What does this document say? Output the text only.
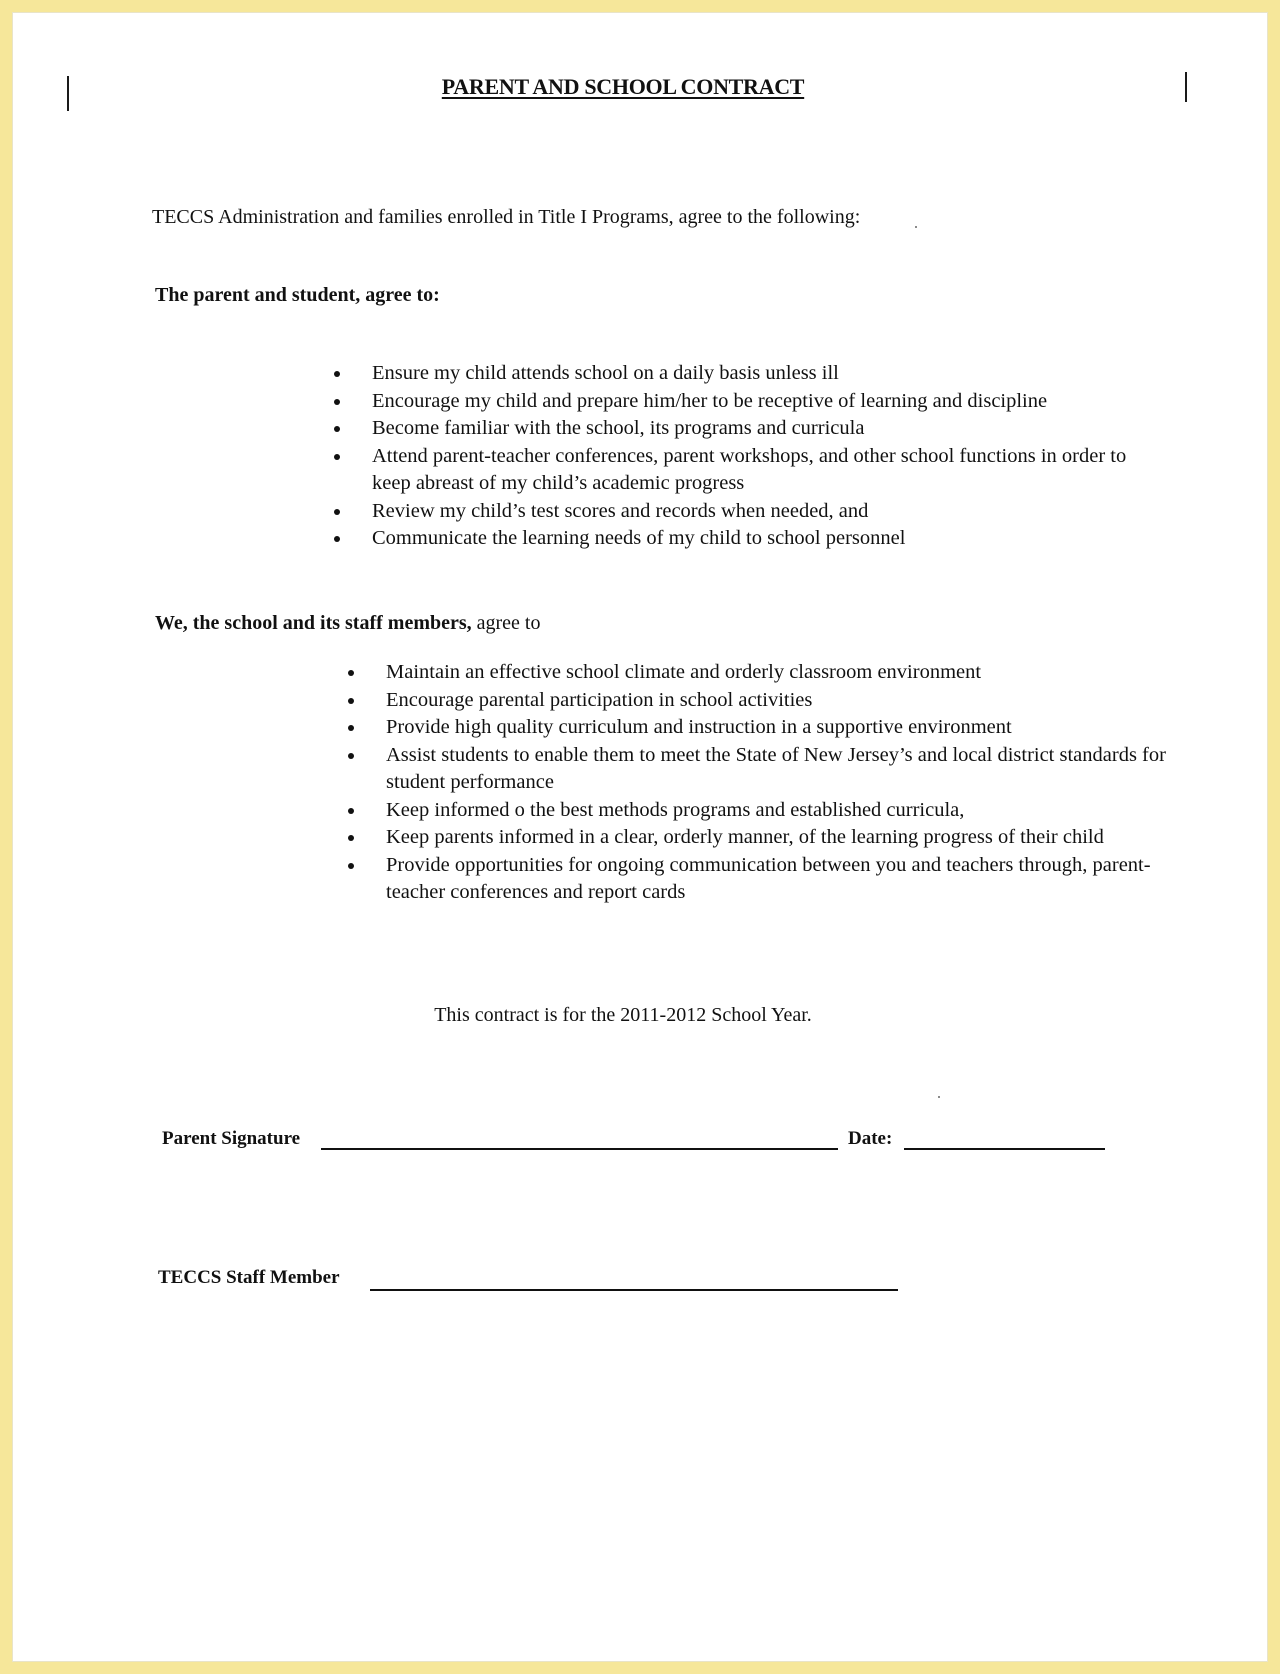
PARENT AND SCHOOL CONTRACT
TECCS Administration and families enrolled in Title I Programs, agree to the following:
The parent and student, agree to:
Ensure my child attends school on a daily basis unless ill
Encourage my child and prepare him/her to be receptive of learning and discipline
Become familiar with the school, its programs and curricula
Attend parent-teacher conferences, parent workshops, and other school functions in order to keep abreast of my child’s academic progress
Review my child’s test scores and records when needed, and
Communicate the learning needs of my child to school personnel
We, the school and its staff members, agree to
Maintain an effective school climate and orderly classroom environment
Encourage parental participation in school activities
Provide high quality curriculum and instruction in a supportive environment
Assist students to enable them to meet the State of New Jersey’s and local district standards for student performance
Keep informed o the best methods programs and established curricula,
Keep parents informed in a clear, orderly manner, of the learning progress of their child
Provide opportunities for ongoing communication between you and teachers through, parent-teacher conferences and report cards
This contract is for the 2011-2012 School Year.
Parent Signature	Date:
TECCS Staff Member
